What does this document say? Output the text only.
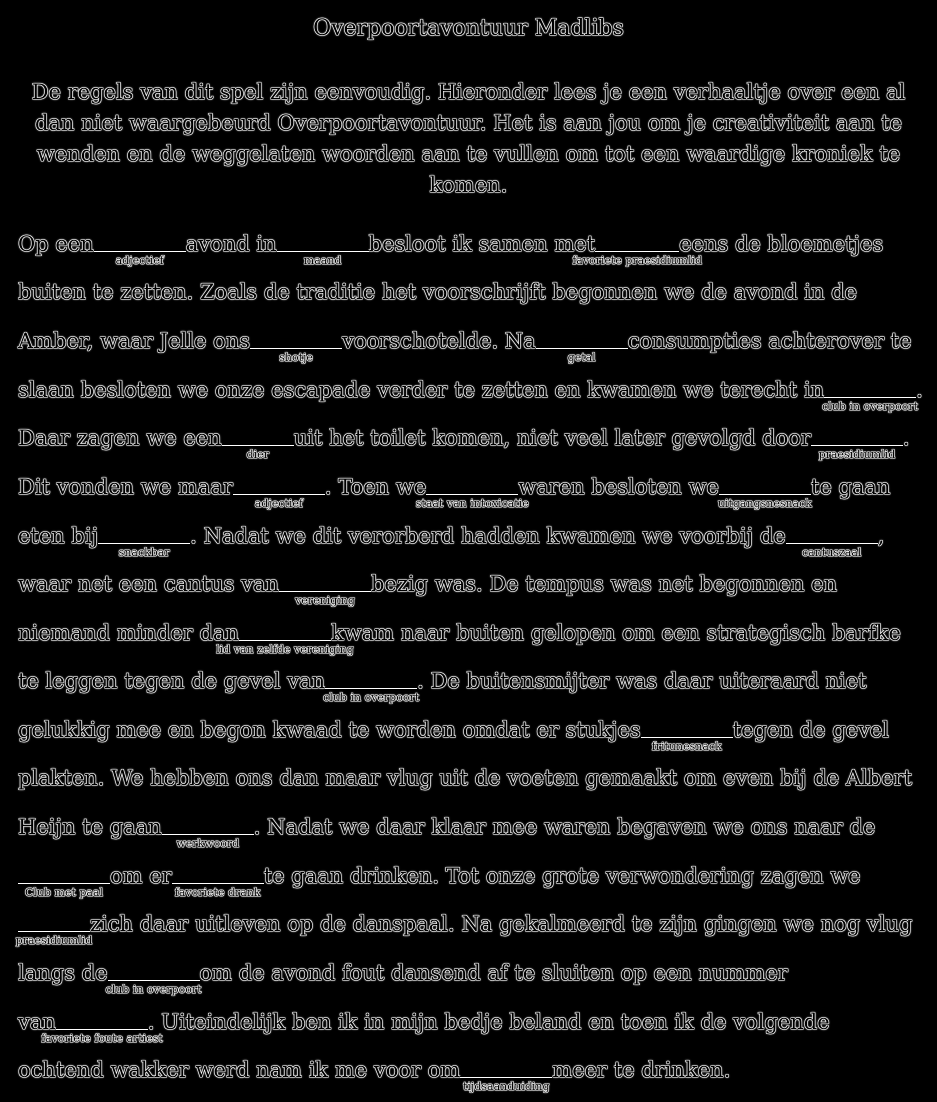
Overpoortavontuur Madlibs
De regels van dit spel zijn eenvoudig. Hieronder lees je een verhaaltje over een al dan niet waargebeurd Overpoortavontuur. Het is aan jou om je creativiteit aan te wenden en de weggelaten woorden aan te vullen om tot een waardige kroniek te komen.
Op een
adjectief
avond in
maand
besloot ik samen met
favoriete praesidiumlid
eens de bloemetjes
buiten te zetten. Zoals de traditie het voorschrijft begonnen we de avond in de
Amber, waar Jelle ons
shotje
voorschotelde. Na
getal
consumpties achterover te
slaan besloten we onze escapade verder te zetten en kwamen we terecht in
club in overpoort
.
Daar zagen we een
dier
uit het toilet komen, niet veel later gevolgd door
praesidiumlid
.
Dit vonden we maar
adjectief
. Toen we
staat van intoxicatie
waren besloten we
uitgangsnesnack
te gaan
eten bij
snackbar
. Nadat we dit verorberd hadden kwamen we voorbij de
cantuszaal
,
waar net een cantus van
vereniging
bezig was. De tempus was net begonnen en
niemand minder dan
lid van zelfde vereniging
kwam naar buiten gelopen om een strategisch barfke
te leggen tegen de gevel van
club in overpoort
. De buitensmijter was daar uiteraard niet
gelukkig mee en begon kwaad te worden omdat er stukjes
fritunesnack
tegen de gevel
plakten. We hebben ons dan maar vlug uit de voeten gemaakt om even bij de Albert
Heijn te gaan
werkwoord
. Nadat we daar klaar mee waren begaven we ons naar de
Club met paal
om er
favoriete drank
te gaan drinken. Tot onze grote verwondering zagen we
praesidiumlid
zich daar uitleven op de danspaal. Na gekalmeerd te zijn gingen we nog vlug
langs de
club in overpoort
om de avond fout dansend af te sluiten op een nummer
van
favoriete foute artiest
. Uiteindelijk ben ik in mijn bedje beland en toen ik de volgende
ochtend wakker werd nam ik me voor om
tijdsaanduiding
meer te drinken.
